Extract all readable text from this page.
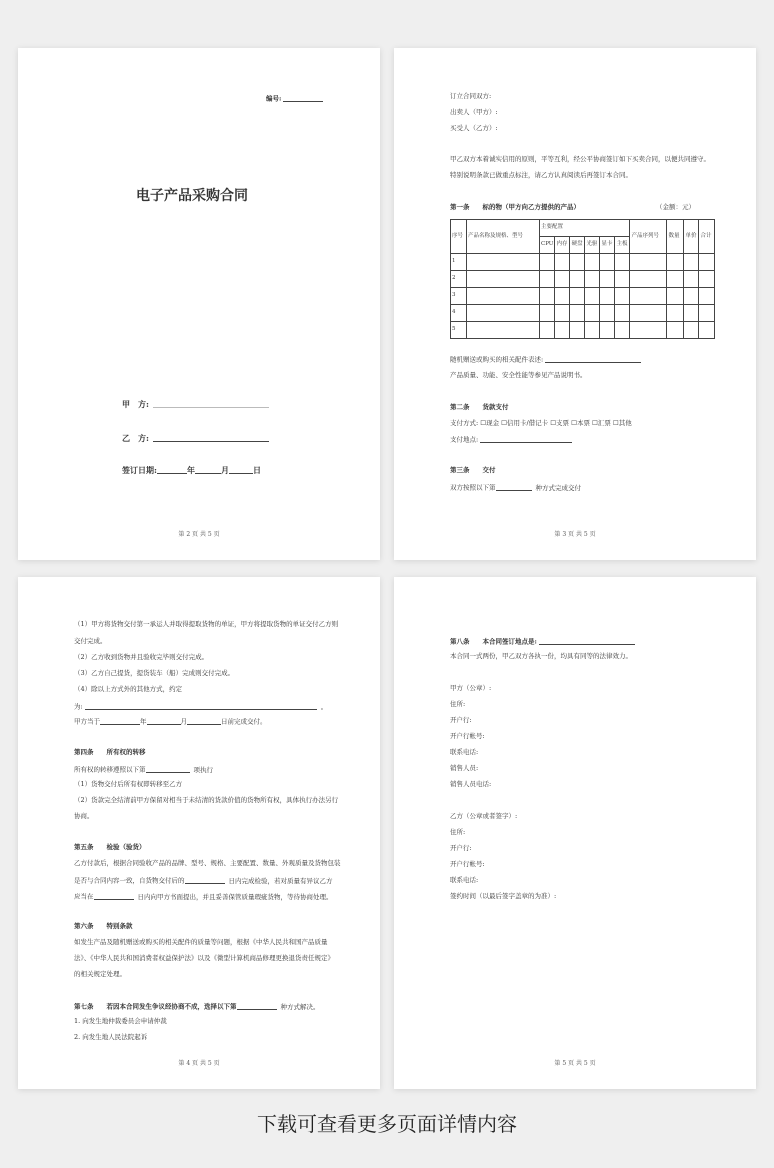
编号:
电子产品采购合同
甲　方:
乙　方:
签订日期:	年	月	日
第 2 页 共 5 页
订立合同双方:
出卖人（甲方）:
买受人（乙方）:
甲乙双方本着诚实信用的原则，平等互利，经公平协商签订如下买卖合同，以便共同遵守。
特别说明条款已做重点标注，请乙方认真阅读后再签订本合同。
第一条　　标的物（甲方向乙方提供的产品）	（金额：元）
序号	产品名称及规格、型号	主要配置						产品序列号	数量	单价	合计
		CPU	内存	硬盘	光驱	显卡	主板				
1											
2											
3											
4											
5											
随机赠送或购买的相关配件表述:
产品质量、功能、安全性能等参见产品说明书。
第二条　　货款支付
支付方式: ☐现金 ☐信用卡/借记卡 ☐支票 ☐本票 ☐汇票 ☐其他
支付地点:
第三条　　交付
双方按照以下第	种方式完成交付
第 3 页 共 5 页
（1）甲方将货物交付第一承运人并取得提取货物的单证，甲方将提取货物的单证交付乙方则
交付完成。
（2）乙方收到货物并且验收完毕则交付完成。
（3）乙方自己提货，提货装车（船）完成则交付完成。
（4）除以上方式外的其他方式，约定
为:	。
甲方当于	年	月	日前完成交付。
第四条　　所有权的转移
所有权的转移遵照以下第	项执行
（1）货物交付后所有权即转移至乙方
（2）货款完全结清前甲方保留对相当于未结清的货款价值的货物所有权，具体执行办法另行
协商。
第五条　　检验（验货）
乙方付款后，根据合同验收产品的品牌、型号、规格、主要配置、数量、外观质量及货物包装
是否与合同内容一致，自货物交付后的	日内完成检验，若对质量有异议乙方
应当在	日内向甲方书面提出，并且妥善保管质量瑕疵货物，等待协商处理。
第六条　　特别条款
如发生产品及随机赠送或购买的相关配件的质量等问题，根据《中华人民共和国产品质量
法》、《中华人民共和国消费者权益保护法》以及《微型计算机商品修理更换退货责任规定》
的相关规定处理。
第七条　　若因本合同发生争议经协商不成，选择以下第	种方式解决。
1. 向发生地仲裁委员会申请仲裁
2. 向发生地人民法院起诉
第 4 页 共 5 页
第八条　　本合同签订地点是:
本合同一式两份，甲乙双方各执一份，均具有同等的法律效力。
甲方（公章）:
住所:
开户行:
开户行帐号:
联系电话:
销售人员:
销售人员电话:
乙方（公章或者签字）:
住所:
开户行:
开户行帐号:
联系电话:
签约时间（以最后签字盖章的为准）:
第 5 页 共 5 页
下载可查看更多页面详情内容
